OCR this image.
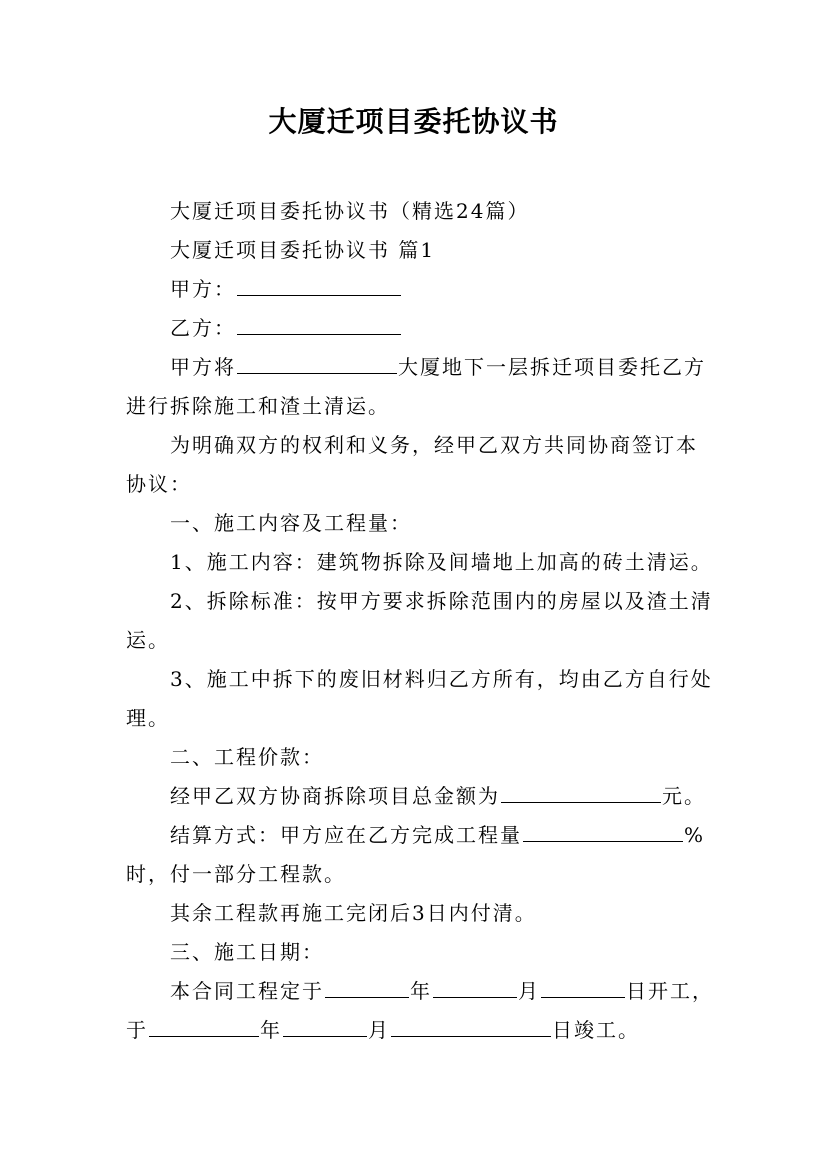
大厦迁项目委托协议书

大厦迁项目委托协议书（精选24篇）

大厦迁项目委托协议书 篇1

甲方：

乙方：

甲方将	大厦地下一层拆迁项目委托乙方进行拆除施工和渣土清运。

为明确双方的权利和义务，经甲乙双方共同协商签订本协议：

一、施工内容及工程量：

1、施工内容：建筑物拆除及间墙地上加高的砖土清运。

2、拆除标准：按甲方要求拆除范围内的房屋以及渣土清运。

3、施工中拆下的废旧材料归乙方所有，均由乙方自行处理。

二、工程价款：

经甲乙双方协商拆除项目总金额为	元。

结算方式：甲方应在乙方完成工程量	%时，付一部分工程款。

其余工程款再施工完闭后3日内付清。

三、施工日期：

本合同工程定于	年	月	日开工，于	年	月	日竣工。
